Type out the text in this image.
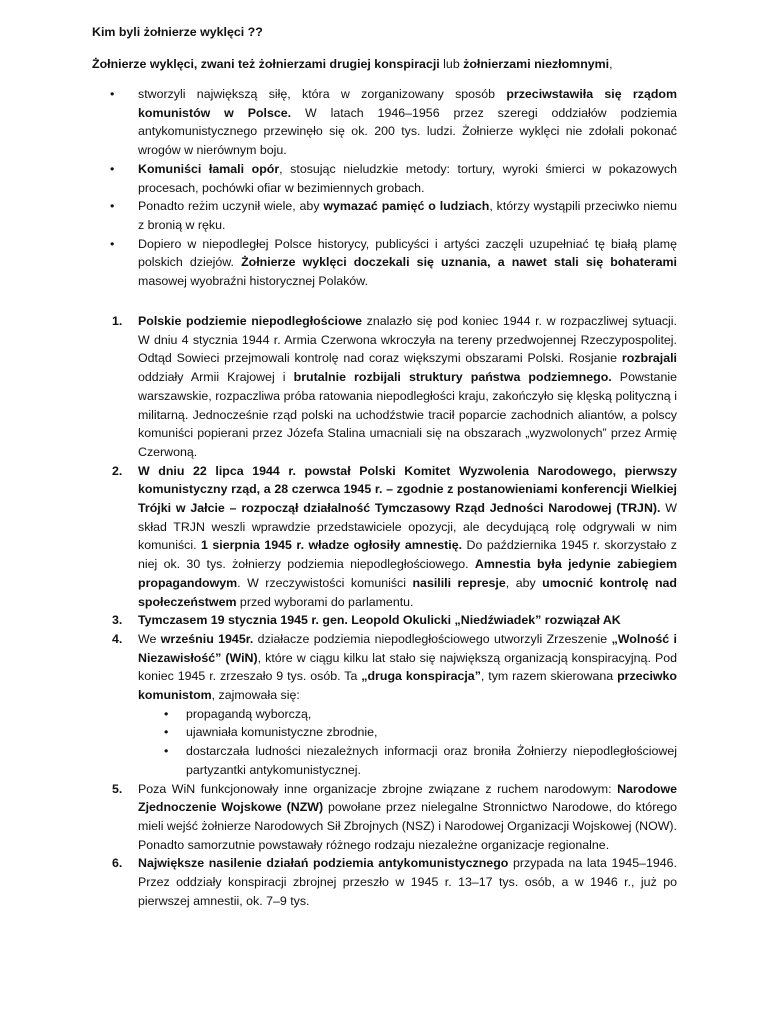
Kim byli żołnierze wyklęci ??
Żołnierze wyklęci, zwani też żołnierzami drugiej konspiracji lub żołnierzami niezłomnymi,
• stworzyli największą siłę, która w zorganizowany sposób przeciwstawiła się rządom komunistów w Polsce. W latach 1946–1956 przez szeregi oddziałów podziemia antykomunistycznego przewinęło się ok. 200 tys. ludzi. Żołnierze wyklęci nie zdołali pokonać wrogów w nierównym boju.
• Komuniści łamali opór, stosując nieludzkie metody: tortury, wyroki śmierci w pokazowych procesach, pochówki ofiar w bezimiennych grobach.
• Ponadto reżim uczynił wiele, aby wymazać pamięć o ludziach, którzy wystąpili przeciwko niemu z bronią w ręku.
• Dopiero w niepodległej Polsce historycy, publicyści i artyści zaczęli uzupełniać tę białą plamę polskich dziejów. Żołnierze wyklęci doczekali się uznania, a nawet stali się bohaterami masowej wyobraźni historycznej Polaków.
1. Polskie podziemie niepodległościowe znalazło się pod koniec 1944 r. w rozpaczliwej sytuacji. W dniu 4 stycznia 1944 r. Armia Czerwona wkroczyła na tereny przedwojennej Rzeczypospolitej. Odtąd Sowieci przejmowali kontrolę nad coraz większymi obszarami Polski. Rosjanie rozbrajali oddziały Armii Krajowej i brutalnie rozbijali struktury państwa podziemnego. Powstanie warszawskie, rozpaczliwa próba ratowania niepodległości kraju, zakończyło się klęską polityczną i militarną. Jednocześnie rząd polski na uchodźstwie tracił poparcie zachodnich aliantów, a polscy komuniści popierani przez Józefa Stalina umacniali się na obszarach „wyzwolonych” przez Armię Czerwoną.
2. W dniu 22 lipca 1944 r. powstał Polski Komitet Wyzwolenia Narodowego, pierwszy komunistyczny rząd, a 28 czerwca 1945 r. – zgodnie z postanowieniami konferencji Wielkiej Trójki w Jałcie – rozpoczął działalność Tymczasowy Rząd Jedności Narodowej (TRJN). W skład TRJN weszli wprawdzie przedstawiciele opozycji, ale decydującą rolę odgrywali w nim komuniści. 1 sierpnia 1945 r. władze ogłosiły amnestię. Do października 1945 r. skorzystało z niej ok. 30 tys. żołnierzy podziemia niepodległościowego. Amnestia była jedynie zabiegiem propagandowym. W rzeczywistości komuniści nasilili represje, aby umocnić kontrolę nad społeczeństwem przed wyborami do parlamentu.
3. Tymczasem 19 stycznia 1945 r. gen. Leopold Okulicki „Niedźwiadek” rozwiązał AK
4. We wrześniu 1945r. działacze podziemia niepodległościowego utworzyli Zrzeszenie „Wolność i Niezawisłość” (WiN), które w ciągu kilku lat stało się największą organizacją konspiracyjną. Pod koniec 1945 r. zrzeszało 9 tys. osób. Ta „druga konspiracja”, tym razem skierowana przeciwko komunistom, zajmowała się:
• propagandą wyborczą,
• ujawniała komunistyczne zbrodnie,
• dostarczała ludności niezależnych informacji oraz broniła Żołnierzy niepodległościowej partyzantki antykomunistycznej.
5. Poza WiN funkcjonowały inne organizacje zbrojne związane z ruchem narodowym: Narodowe Zjednoczenie Wojskowe (NZW) powołane przez nielegalne Stronnictwo Narodowe, do którego mieli wejść żołnierze Narodowych Sił Zbrojnych (NSZ) i Narodowej Organizacji Wojskowej (NOW). Ponadto samorzutnie powstawały różnego rodzaju niezależne organizacje regionalne.
6. Największe nasilenie działań podziemia antykomunistycznego przypada na lata 1945–1946. Przez oddziały konspiracji zbrojnej przeszło w 1945 r. 13–17 tys. osób, a w 1946 r., już po pierwszej amnestii, ok. 7–9 tys.
